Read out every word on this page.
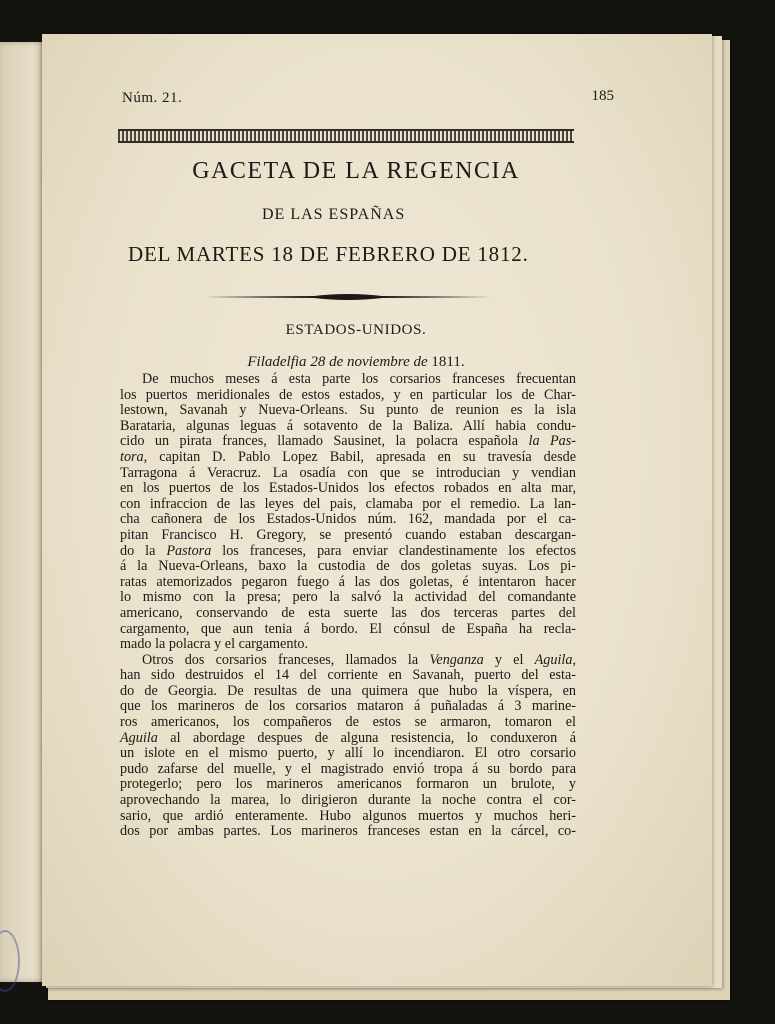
Núm. 21.	185
GACETA DE LA REGENCIA
DE LAS ESPAÑAS
DEL MARTES 18 DE FEBRERO DE 1812.
ESTADOS-UNIDOS.
Filadelfia 28 de noviembre de 1811.
De muchos meses á esta parte los corsarios franceses frecuentan
los puertos meridionales de estos estados, y en particular los de Char-
lestown, Savanah y Nueva-Orleans. Su punto de reunion es la isla
Barataria, algunas leguas á sotavento de la Baliza. Allí habia condu-
cido un pirata frances, llamado Sausinet, la polacra española la Pas-
tora, capitan D. Pablo Lopez Babil, apresada en su travesía desde
Tarragona á Veracruz. La osadía con que se introducian y vendian
en los puertos de los Estados-Unidos los efectos robados en alta mar,
con infraccion de las leyes del pais, clamaba por el remedio. La lan-
cha cañonera de los Estados-Unidos núm. 162, mandada por el ca-
pitan Francisco H. Gregory, se presentó cuando estaban descargan-
do la Pastora los franceses, para enviar clandestinamente los efectos
á la Nueva-Orleans, baxo la custodia de dos goletas suyas. Los pi-
ratas atemorizados pegaron fuego á las dos goletas, é intentaron hacer
lo mismo con la presa; pero la salvó la actividad del comandante
americano, conservando de esta suerte las dos terceras partes del
cargamento, que aun tenia á bordo. El cónsul de España ha recla-
mado la polacra y el cargamento.
Otros dos corsarios franceses, llamados la Venganza y el Aguila,
han sido destruidos el 14 del corriente en Savanah, puerto del esta-
do de Georgia. De resultas de una quimera que hubo la víspera, en
que los marineros de los corsarios mataron á puñaladas á 3 marine-
ros americanos, los compañeros de estos se armaron, tomaron el
Aguila al abordage despues de alguna resistencia, lo conduxeron á
un islote en el mismo puerto, y allí lo incendiaron. El otro corsario
pudo zafarse del muelle, y el magistrado envió tropa á su bordo para
protegerlo; pero los marineros americanos formaron un brulote, y
aprovechando la marea, lo dirigieron durante la noche contra el cor-
sario, que ardió enteramente. Hubo algunos muertos y muchos heri-
dos por ambas partes. Los marineros franceses estan en la cárcel, co-
